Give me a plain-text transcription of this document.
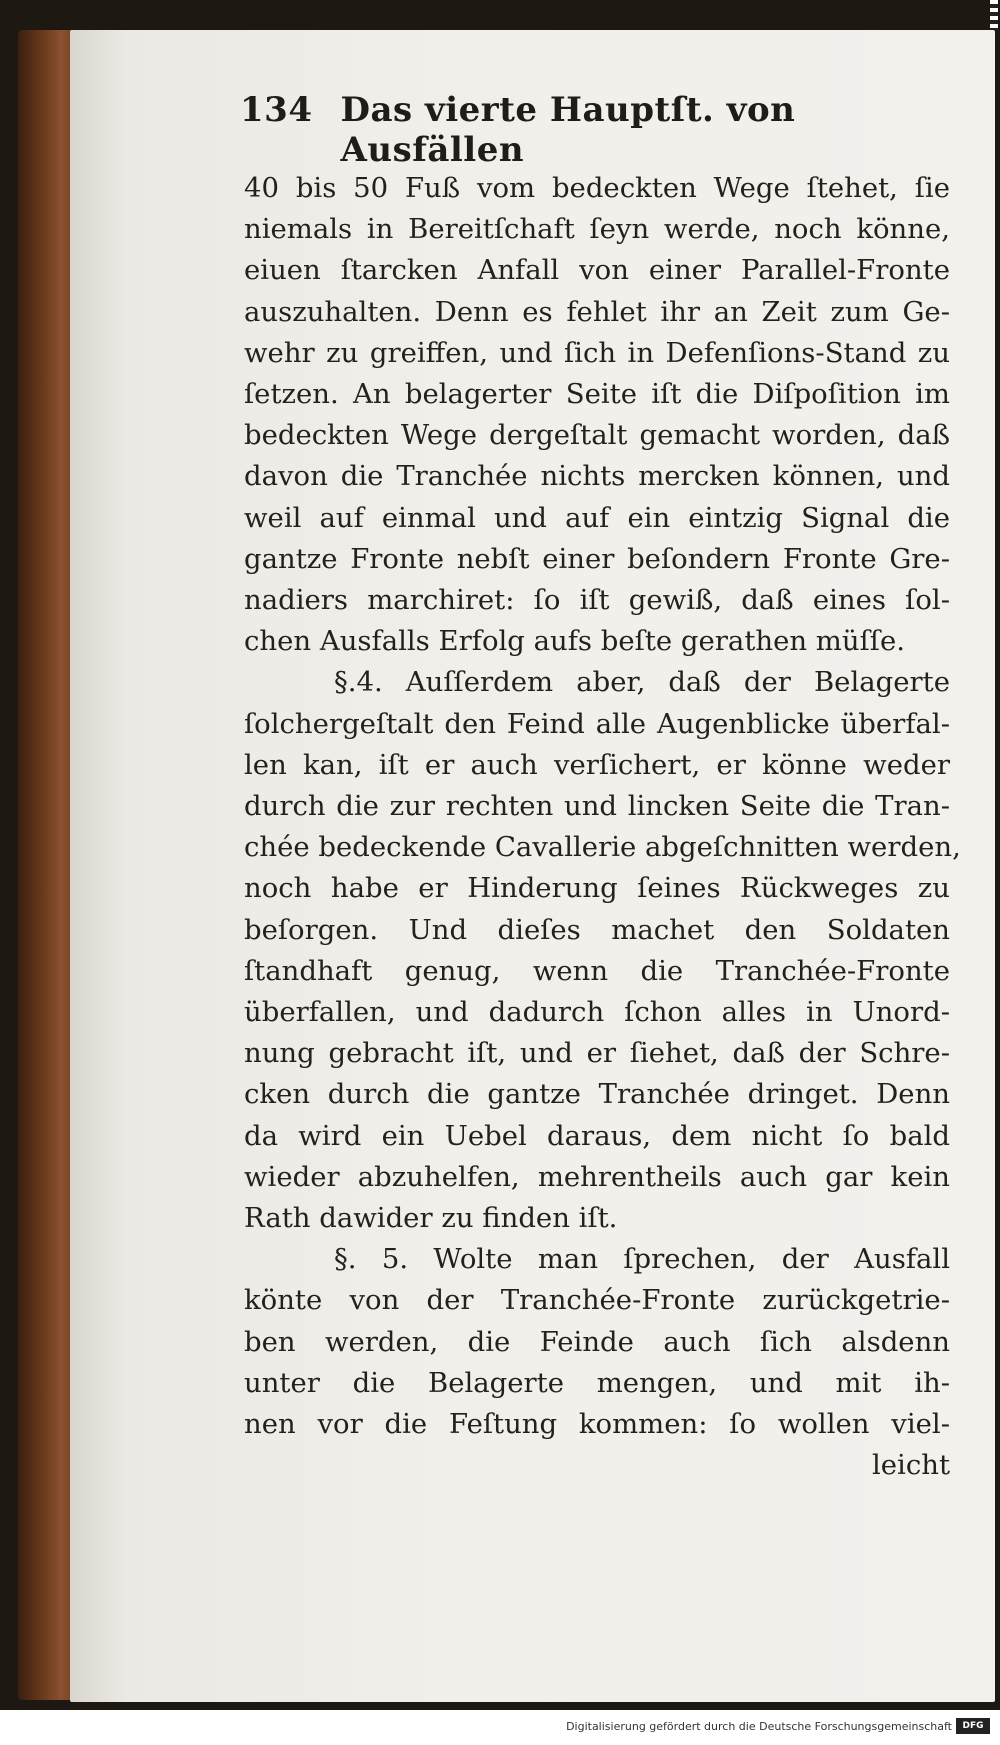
134 Das vierte Hauptſt. von Ausfällen
40 bis 50 Fuß vom bedeckten Wege ſtehet, ſie
niemals in Bereitſchaft ſeyn werde, noch könne,
eiuen ſtarcken Anfall von einer Parallel-Fronte
auszuhalten. Denn es fehlet ihr an Zeit zum Ge-
wehr zu greiffen, und ſich in Defenſions-Stand zu
ſetzen. An belagerter Seite iſt die Diſpoſition im
bedeckten Wege dergeſtalt gemacht worden, daß
davon die Tranchée nichts mercken können, und
weil auf einmal und auf ein eintzig Signal die
gantze Fronte nebſt einer beſondern Fronte Gre-
nadiers marchiret: ſo iſt gewiß, daß eines ſol-
chen Ausfalls Erfolg aufs beſte gerathen müſſe.
§.4. Auſſerdem aber, daß der Belagerte
ſolchergeſtalt den Feind alle Augenblicke überfal-
len kan, iſt er auch verſichert, er könne weder
durch die zur rechten und lincken Seite die Tran-
chée bedeckende Cavallerie abgeſchnitten werden,
noch habe er Hinderung ſeines Rückweges zu
beſorgen. Und dieſes machet den Soldaten
ſtandhaft genug, wenn die Tranchée-Fronte
überfallen, und dadurch ſchon alles in Unord-
nung gebracht iſt, und er ſiehet, daß der Schre-
cken durch die gantze Tranchée dringet. Denn
da wird ein Uebel daraus, dem nicht ſo bald
wieder abzuhelfen, mehrentheils auch gar kein
Rath dawider zu finden iſt.
§. 5. Wolte man ſprechen, der Ausfall
könte von der Tranchée-Fronte zurückgetrie-
ben werden, die Feinde auch ſich alsdenn
unter die Belagerte mengen, und mit ih-
nen vor die Feſtung kommen: ſo wollen viel-
leicht
Digitalisierung gefördert durch die Deutsche Forschungsgemeinschaft	DFG
